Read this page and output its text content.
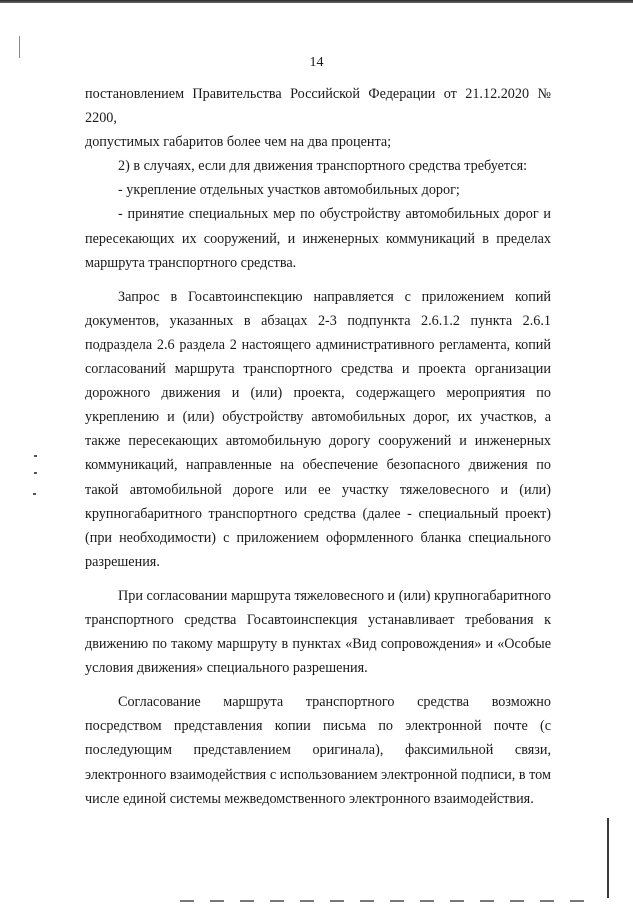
14

постановлением Правительства Российской Федерации от 21.12.2020 № 2200,
допустимых габаритов более чем на два процента;

2) в случаях, если для движения транспортного средства требуется:

- укрепление отдельных участков автомобильных дорог;

- принятие специальных мер по обустройству автомобильных дорог и пересекающих их сооружений, и инженерных коммуникаций в пределах маршрута транспортного средства.

Запрос в Госавтоинспекцию направляется с приложением копий документов, указанных в абзацах 2-3 подпункта 2.6.1.2 пункта 2.6.1 подраздела 2.6 раздела 2 настоящего административного регламента, копий согласований маршрута транспортного средства и проекта организации дорожного движения и (или) проекта, содержащего мероприятия по укреплению и (или) обустройству автомобильных дорог, их участков, а также пересекающих автомобильную дорогу сооружений и инженерных коммуникаций, направленные на обеспечение безопасного движения по такой автомобильной дороге или ее участку тяжеловесного и (или) крупногабаритного транспортного средства (далее - специальный проект) (при необходимости) с приложением оформленного бланка специального разрешения.

При согласовании маршрута тяжеловесного и (или) крупногабаритного транспортного средства Госавтоинспекция устанавливает требования к движению по такому маршруту в пунктах «Вид сопровождения» и «Особые условия движения» специального разрешения.

Согласование маршрута транспортного средства возможно посредством представления копии письма по электронной почте (с последующим представлением оригинала), факсимильной связи, электронного взаимодействия с использованием электронной подписи, в том числе единой системы межведомственного электронного взаимодействия.
